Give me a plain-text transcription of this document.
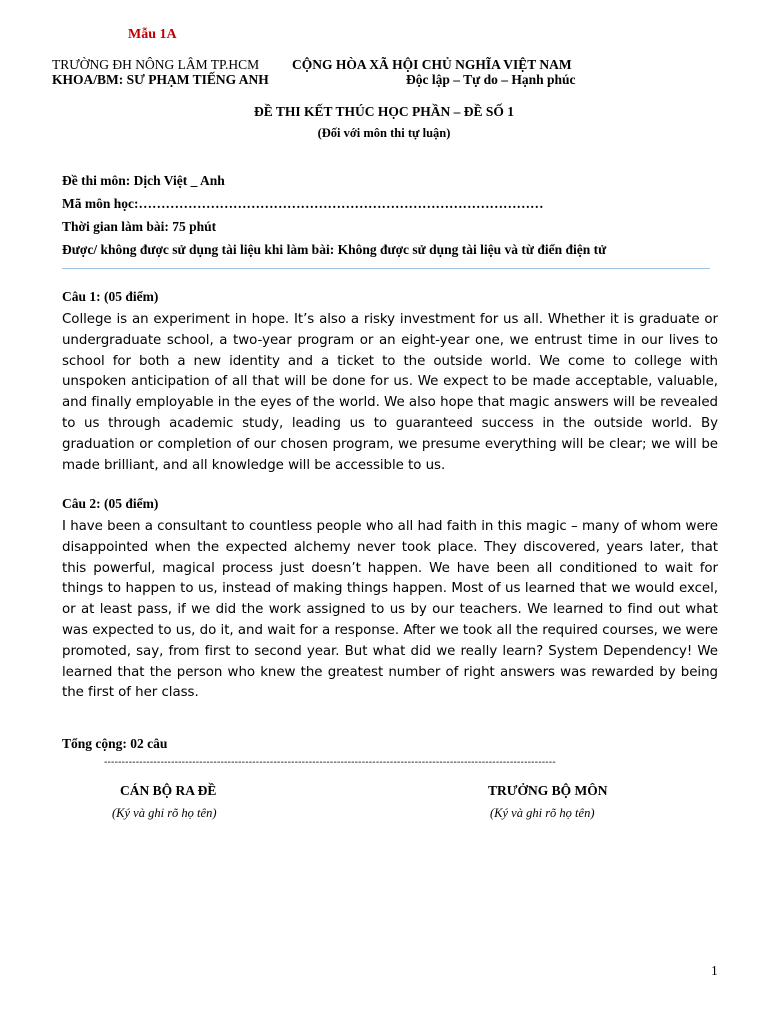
Mẫu 1A
TRƯỜNG ĐH NÔNG LÂM TP.HCM
KHOA/BM: SƯ PHẠM TIẾNG ANH
CỘNG HÒA XÃ HỘI CHỦ NGHĨA VIỆT NAM
Độc lập – Tự do – Hạnh phúc
ĐỀ THI KẾT THÚC HỌC PHẦN – ĐỀ SỐ 1
(Đối với môn thi tự luận)
Đề thi môn: Dịch Việt _ Anh
Mã môn học:………………………………………………………………………………
Thời gian làm bài: 75 phút
Được/ không được sử dụng tài liệu khi làm bài: Không được sử dụng tài liệu và từ điển điện tử
Câu 1: (05 điểm)
College is an experiment in hope. It’s also a risky investment for us all. Whether it is graduate or undergraduate school, a two-year program or an eight-year one, we entrust time in our lives to school for both a new identity and a ticket to the outside world. We come to college with unspoken anticipation of all that will be done for us. We expect to be made acceptable, valuable, and finally employable in the eyes of the world. We also hope that magic answers will be revealed to us through academic study, leading us to guaranteed success in the outside world. By graduation or completion of our chosen program, we presume everything will be clear; we will be made brilliant, and all knowledge will be accessible to us.
Câu 2: (05 điểm)
I have been a consultant to countless people who all had faith in this magic – many of whom were disappointed when the expected alchemy never took place. They discovered, years later, that this powerful, magical process just doesn’t happen. We have been all conditioned to wait for things to happen to us, instead of making things happen. Most of us learned that we would excel, or at least pass, if we did the work assigned to us by our teachers. We learned to find out what was expected to us, do it, and wait for a response. After we took all the required courses, we were promoted, say, from first to second year. But what did we really learn? System Dependency! We learned that the person who knew the greatest number of right answers was rewarded by being the first of her class.
Tổng cộng: 02 câu
--------------------------------------------------------------------------------------------------------------------------------
CÁN BỘ RA ĐỀ
(Ký và ghi rõ họ tên)
TRƯỞNG BỘ MÔN
(Ký và ghi rõ họ tên)
1
